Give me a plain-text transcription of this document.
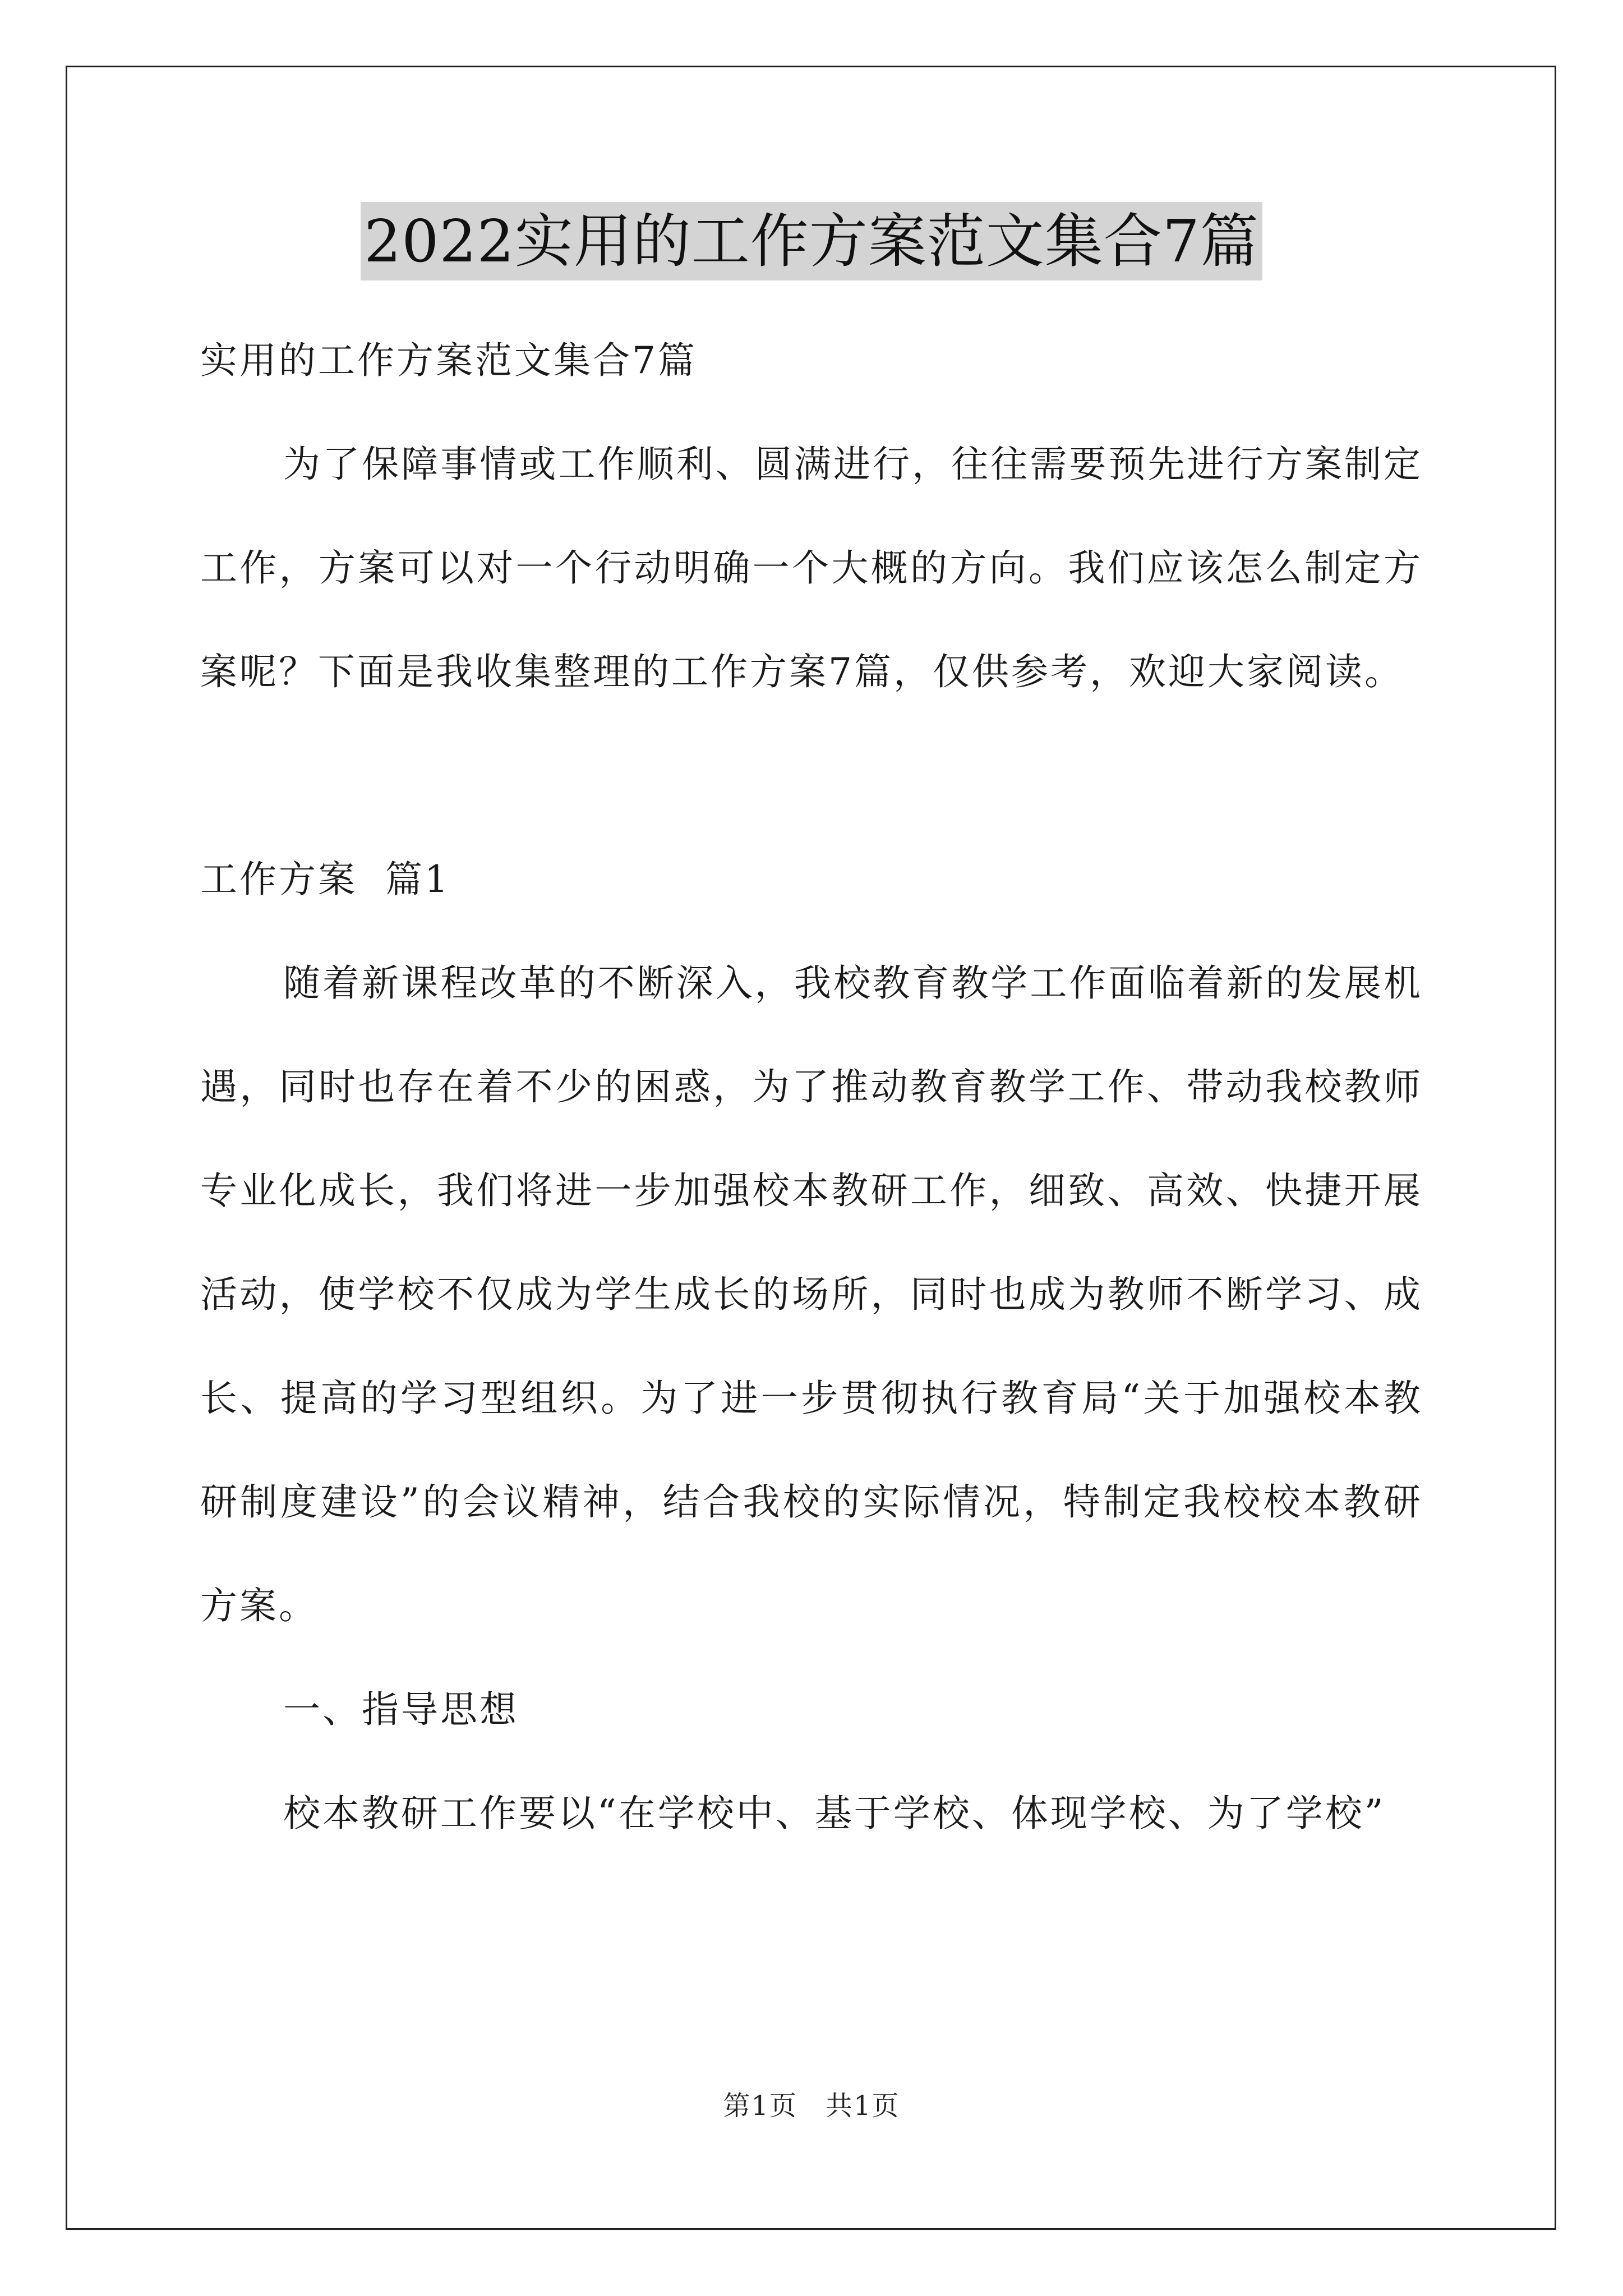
2022实用的工作方案范文集合7篇

实用的工作方案范文集合7篇

为了保障事情或工作顺利、圆满进行，往往需要预先进行方案制定工作，方案可以对一个行动明确一个大概的方向。我们应该怎么制定方案呢？下面是我收集整理的工作方案7篇，仅供参考，欢迎大家阅读。

工作方案  篇1

随着新课程改革的不断深入，我校教育教学工作面临着新的发展机遇，同时也存在着不少的困惑，为了推动教育教学工作、带动我校教师专业化成长，我们将进一步加强校本教研工作，细致、高效、快捷开展活动，使学校不仅成为学生成长的场所，同时也成为教师不断学习、成长、提高的学习型组织。为了进一步贯彻执行教育局“关于加强校本教研制度建设”的会议精神，结合我校的实际情况，特制定我校校本教研方案。

一、指导思想

校本教研工作要以“在学校中、基于学校、体现学校、为了学校”

第1页 共1页
